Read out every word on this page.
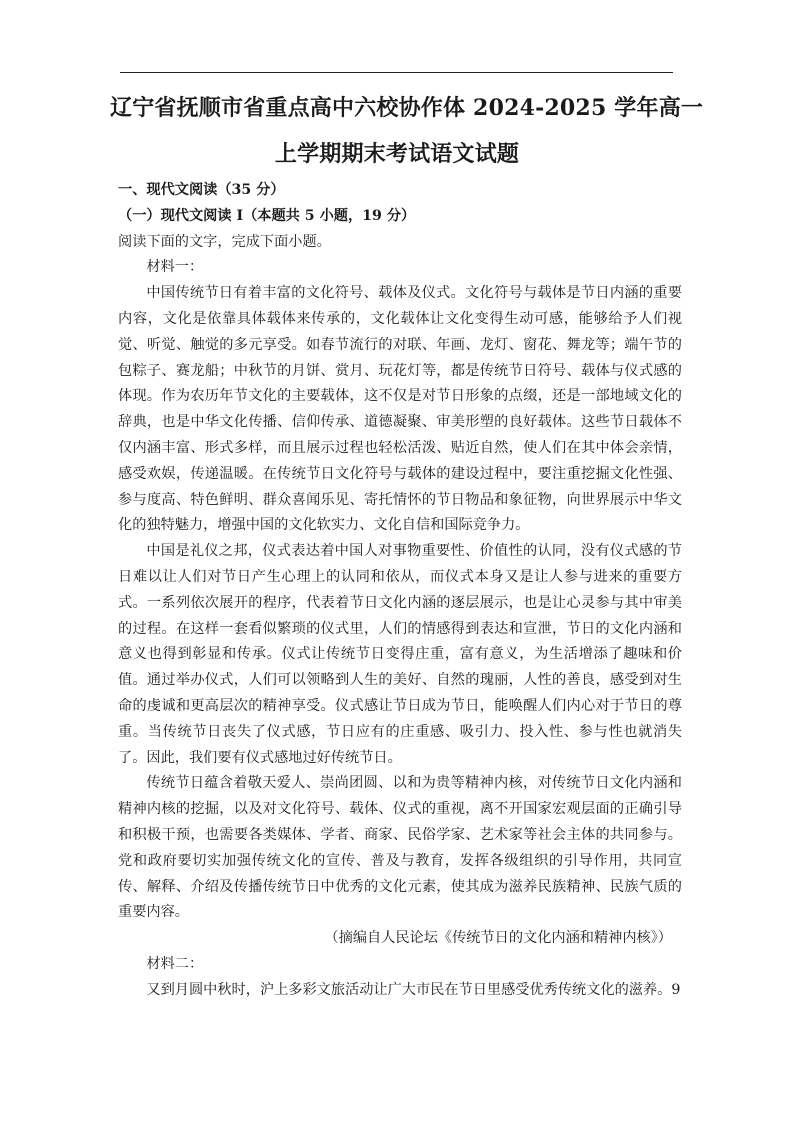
辽宁省抚顺市省重点高中六校协作体 2024-2025 学年高一
上学期期末考试语文试题

一、现代文阅读（35 分）

（一）现代文阅读 I（本题共 5 小题，19 分）

阅读下面的文字，完成下面小题。

材料一：

中国传统节日有着丰富的文化符号、载体及仪式。文化符号与载体是节日内涵的重要内容，文化是依靠具体载体来传承的，文化载体让文化变得生动可感，能够给予人们视觉、听觉、触觉的多元享受。如春节流行的对联、年画、龙灯、窗花、舞龙等；端午节的包粽子、赛龙船；中秋节的月饼、赏月、玩花灯等，都是传统节日符号、载体与仪式感的体现。作为农历年节文化的主要载体，这不仅是对节日形象的点缀，还是一部地域文化的辞典，也是中华文化传播、信仰传承、道德凝聚、审美形塑的良好载体。这些节日载体不仅内涵丰富、形式多样，而且展示过程也轻松活泼、贴近自然，使人们在其中体会亲情，感受欢娱，传递温暖。在传统节日文化符号与载体的建设过程中，要注重挖掘文化性强、参与度高、特色鲜明、群众喜闻乐见、寄托情怀的节日物品和象征物，向世界展示中华文化的独特魅力，增强中国的文化软实力、文化自信和国际竞争力。

中国是礼仪之邦，仪式表达着中国人对事物重要性、价值性的认同，没有仪式感的节日难以让人们对节日产生心理上的认同和依从，而仪式本身又是让人参与进来的重要方式。一系列依次展开的程序，代表着节日文化内涵的逐层展示，也是让心灵参与其中审美的过程。在这样一套看似繁琐的仪式里，人们的情感得到表达和宣泄，节日的文化内涵和意义也得到彰显和传承。仪式让传统节日变得庄重，富有意义，为生活增添了趣味和价值。通过举办仪式，人们可以领略到人生的美好、自然的瑰丽，人性的善良，感受到对生命的虔诚和更高层次的精神享受。仪式感让节日成为节日，能唤醒人们内心对于节日的尊重。当传统节日丧失了仪式感，节日应有的庄重感、吸引力、投入性、参与性也就消失了。因此，我们要有仪式感地过好传统节日。

传统节日蕴含着敬天爱人、崇尚团圆、以和为贵等精神内核，对传统节日文化内涵和精神内核的挖掘，以及对文化符号、载体、仪式的重视，离不开国家宏观层面的正确引导和积极干预，也需要各类媒体、学者、商家、民俗学家、艺术家等社会主体的共同参与。党和政府要切实加强传统文化的宣传、普及与教育，发挥各级组织的引导作用，共同宣传、解释、介绍及传播传统节日中优秀的文化元素，使其成为滋养民族精神、民族气质的重要内容。

（摘编自人民论坛《传统节日的文化内涵和精神内核》）

材料二：

又到月圆中秋时，沪上多彩文旅活动让广大市民在节日里感受优秀传统文化的滋养。9
